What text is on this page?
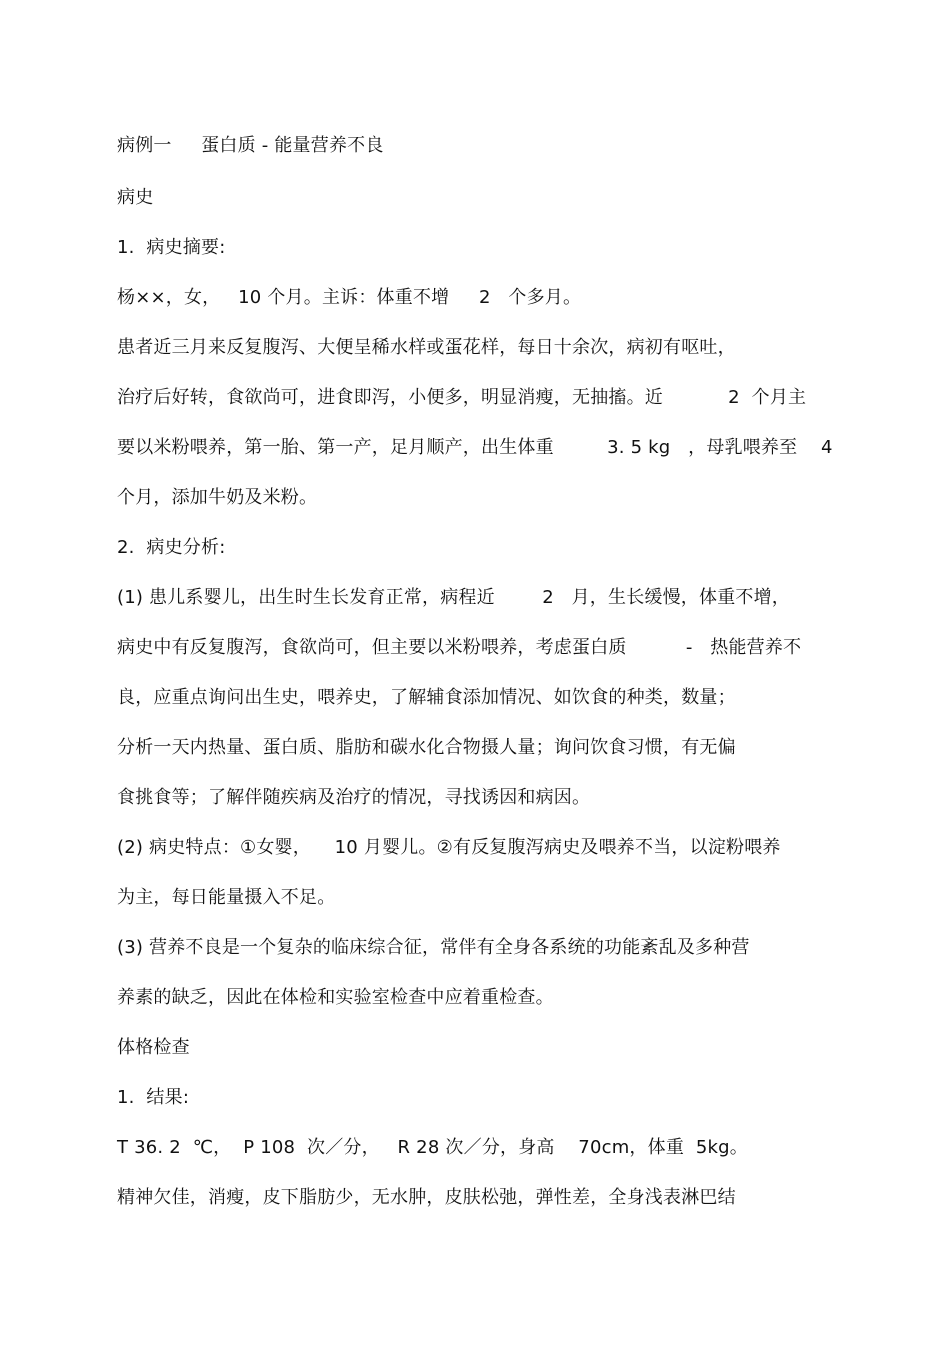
病例一     蛋白质 - 能量营养不良
病史
1.  病史摘要:
杨××，女，   10 个月。主诉：体重不增     2   个多月。
患者近三月来反复腹泻、大便呈稀水样或蛋花样，每日十余次，病初有呕吐，
治疗后好转，食欲尚可，进食即泻，小便多，明显消瘦，无抽搐。近           2  个月主
要以米粉喂养，第一胎、第一产，足月顺产，出生体重         3. 5 kg   ，母乳喂养至    4
个月，添加牛奶及米粉。
2.  病史分析:
(1) 患儿系婴儿，出生时生长发育正常，病程近        2   月，生长缓慢，体重不增，
病史中有反复腹泻，食欲尚可，但主要以米粉喂养，考虑蛋白质          -   热能营养不
良，应重点询问出生史，喂养史，了解辅食添加情况、如饮食的种类，数量；
分析一天内热量、蛋白质、脂肪和碳水化合物摄人量；询问饮食习惯，有无偏
食挑食等；了解伴随疾病及治疗的情况，寻找诱因和病因。
(2) 病史特点：①女婴，    10 月婴儿。②有反复腹泻病史及喂养不当，以淀粉喂养
为主，每日能量摄入不足。
(3) 营养不良是一个复杂的临床综合征，常伴有全身各系统的功能紊乱及多种营
养素的缺乏，因此在体检和实验室检查中应着重检查。
体格检查
1.  结果:
T 36. 2  ℃，  P 108  次／分，   R 28 次／分，身高    70cm，体重  5kg。
精神欠佳，消瘦，皮下脂肪少，无水肿，皮肤松弛，弹性差，全身浅表淋巴结
